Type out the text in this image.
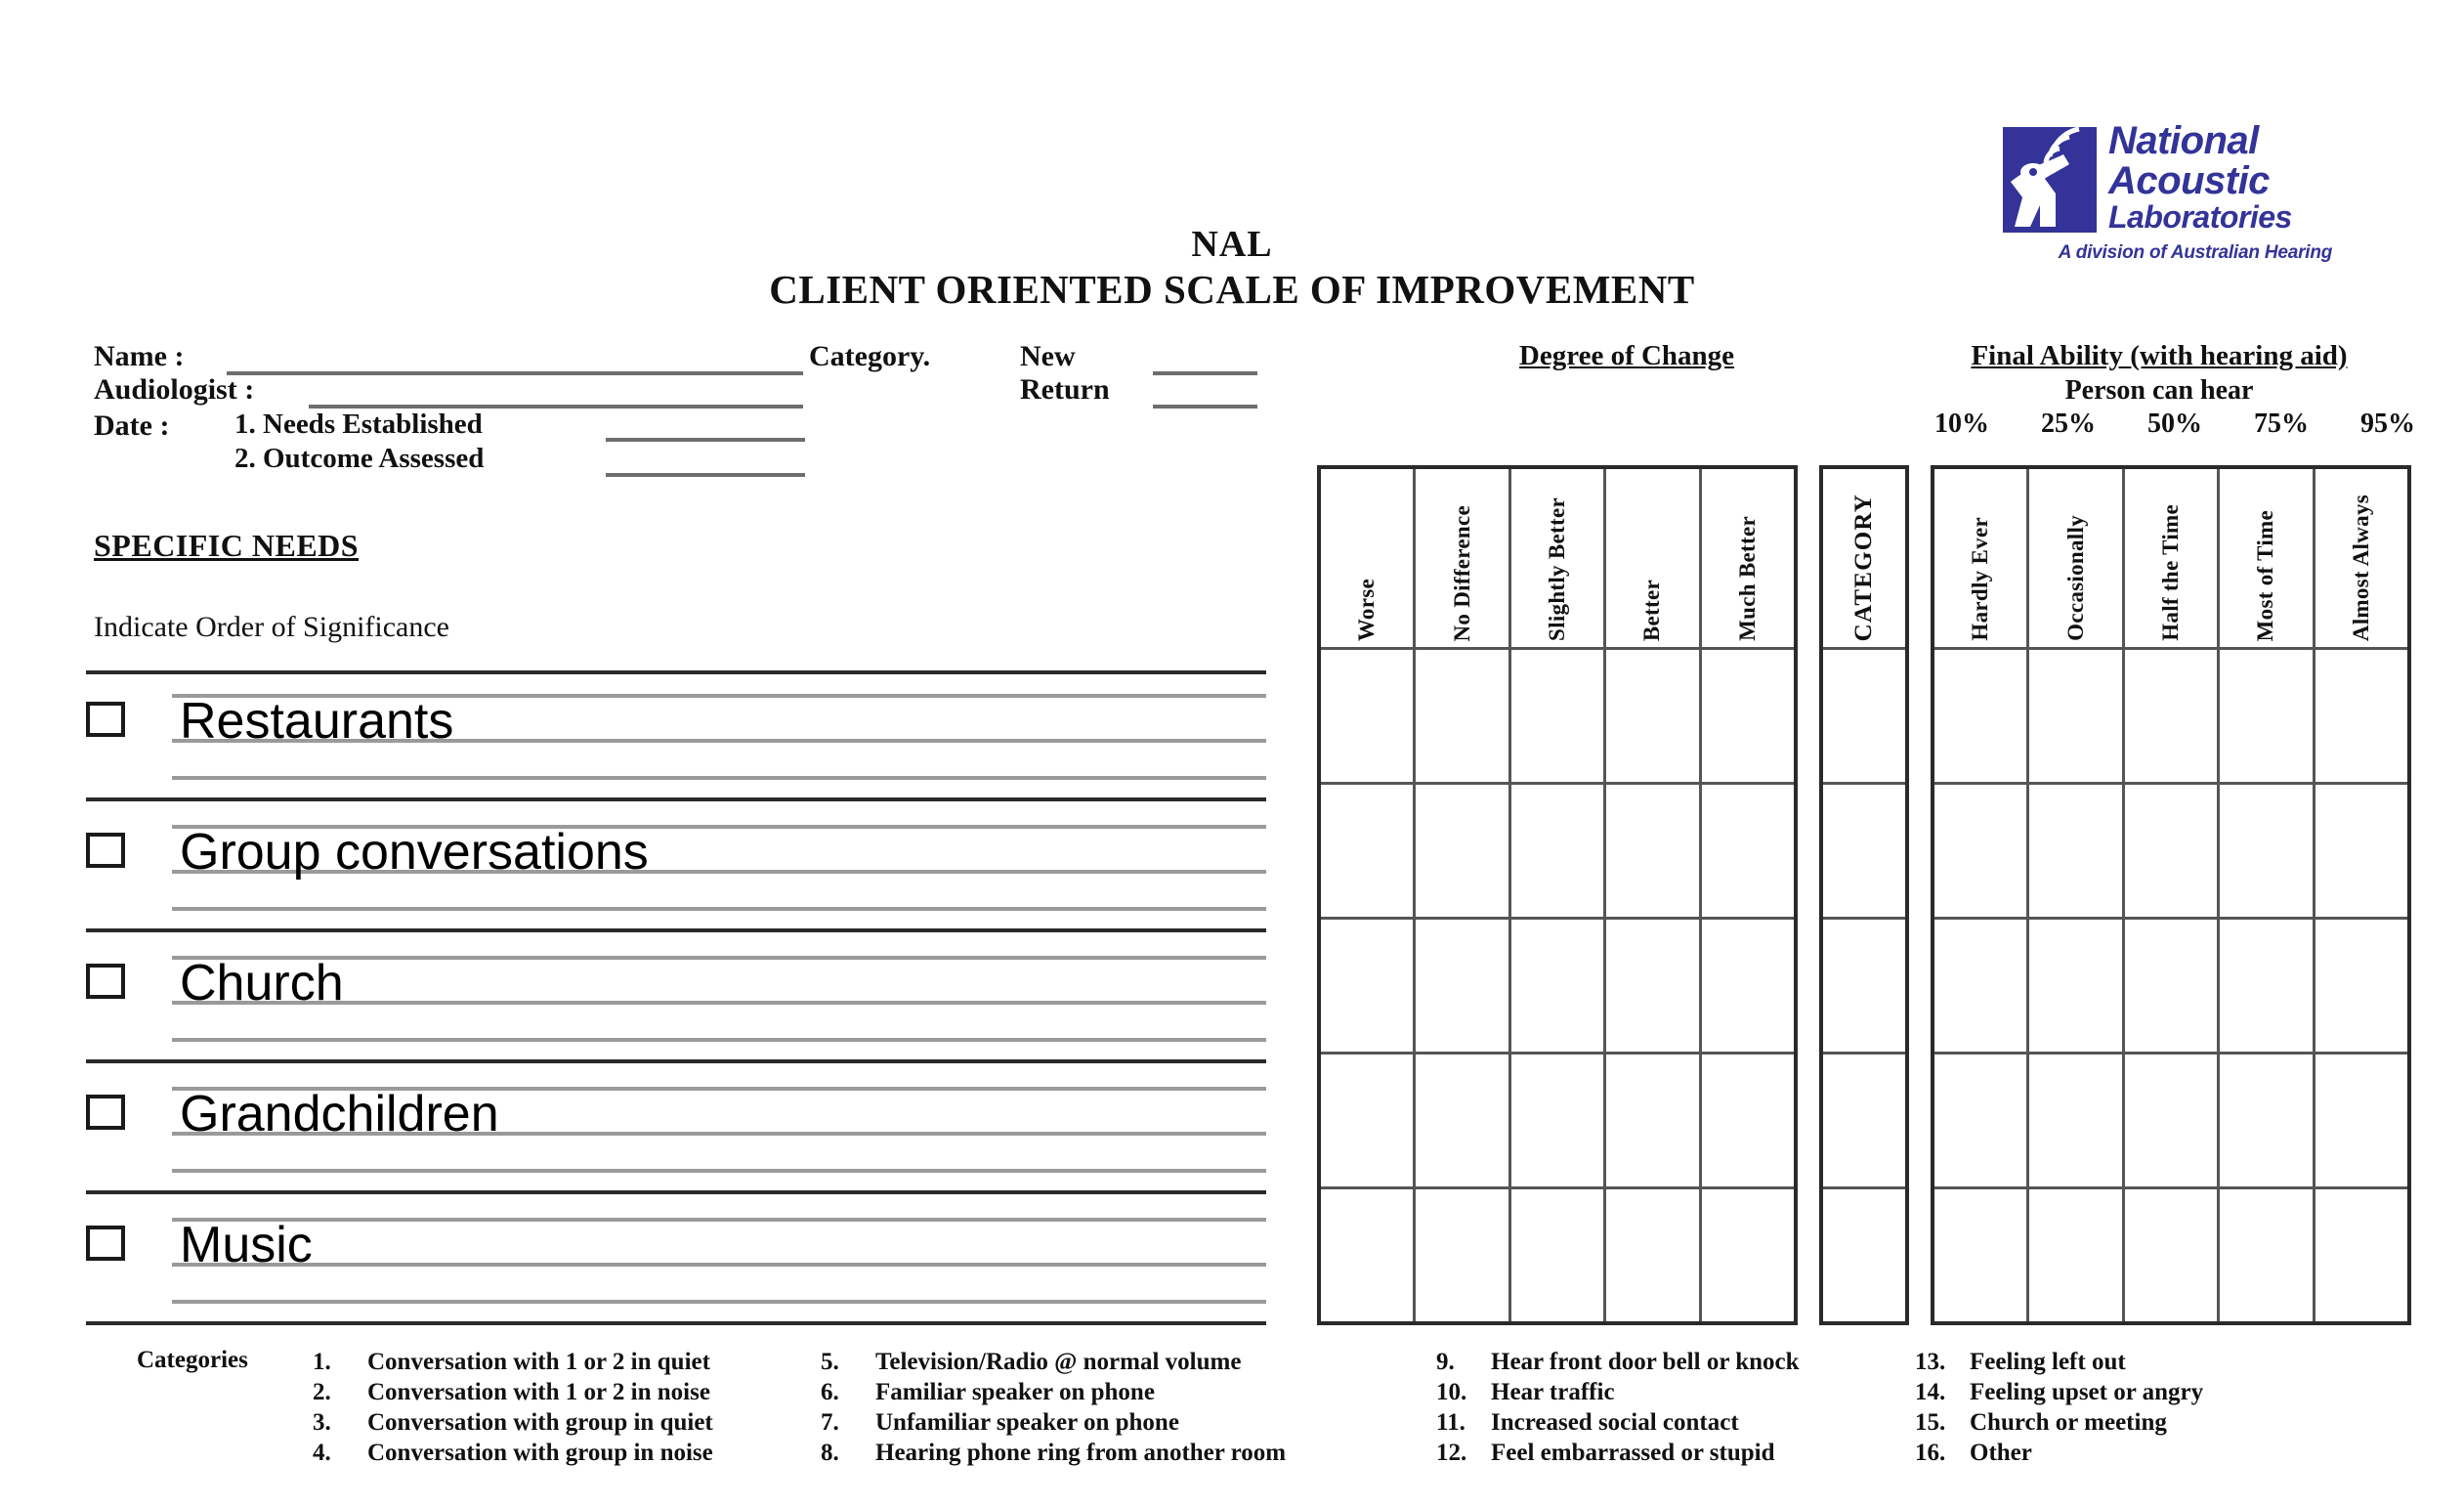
National
Acoustic
Laboratories
A division of Australian Hearing
NAL
CLIENT ORIENTED SCALE OF IMPROVEMENT
Name :
Audiologist :
Date : 1. Needs Established
2. Outcome Assessed
Category.	New
Return
Degree of Change	Final Ability (with hearing aid)
Person can hear
10% 25% 50% 75% 95%
SPECIFIC NEEDS
Indicate Order of Significance
Restaurants
Group conversations
Church
Grandchildren
Music
Worse	No Difference	Slightly Better	Better	Much Better	CATEGORY	Hardly Ever	Occasionally	Half the Time	Most of Time	Almost Always
Categories	1.	Conversation with 1 or 2 in quiet
2.	Conversation with 1 or 2 in noise
3.	Conversation with group in quiet
4.	Conversation with group in noise
5.	Television/Radio @ normal volume
6.	Familiar speaker on phone
7.	Unfamiliar speaker on phone
8.	Hearing phone ring from another room
9.	Hear front door bell or knock
10. Hear traffic
11.	Increased social contact
12. Feel embarrassed or stupid
13. Feeling left out
14. Feeling upset or angry
15. Church or meeting
16. Other
